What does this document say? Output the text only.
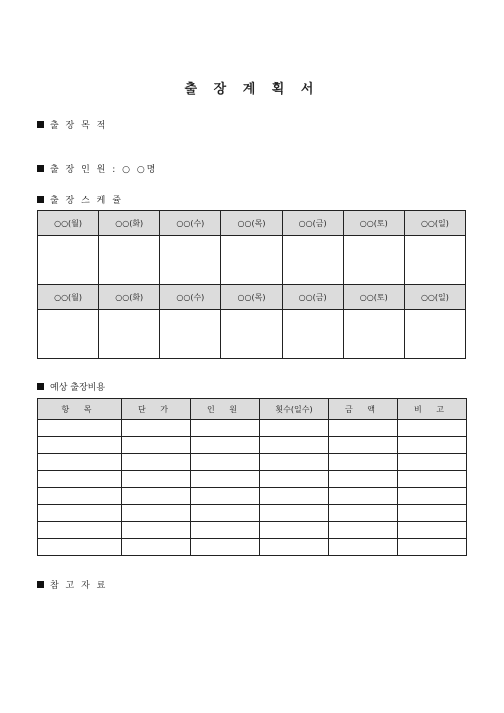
출 장 계 획 서
출 장 목 적
출 장 인 원 : ○ ○명
출 장 스 케 쥴
○○(월)	○○(화)	○○(수)	○○(목)	○○(금)	○○(토)	○○(일)

○○(월)	○○(화)	○○(수)	○○(목)	○○(금)	○○(토)	○○(일)

예상 출장비용
항 목	단 가	인 원	횟수(일수)	금 액	비 고

참 고 자 료
